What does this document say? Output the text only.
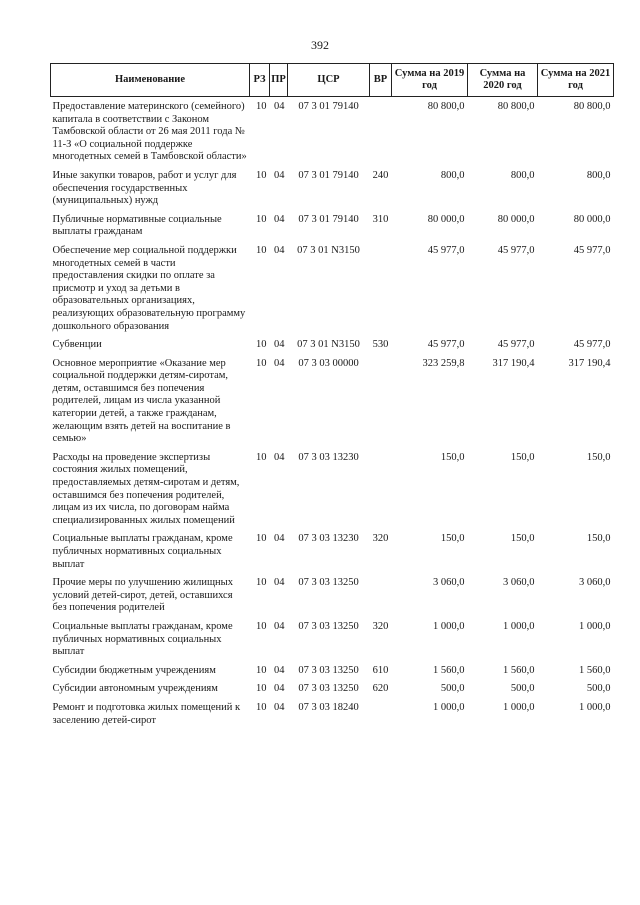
392
Наименование	РЗ	ПР	ЦСР	ВР	Сумма на 2019 год	Сумма на 2020 год	Сумма на 2021 год
Предоставление материнского (семейного) капитала в соответствии с Законом Тамбовской области от 26 мая 2011 года № 11-З «О социальной поддержке многодетных семей в Тамбовской области»	10	04	07 3 01 79140		80 800,0	80 800,0	80 800,0
Иные закупки товаров, работ и услуг для обеспечения государственных (муниципальных) нужд	10	04	07 3 01 79140	240	800,0	800,0	800,0
Публичные нормативные социальные выплаты гражданам	10	04	07 3 01 79140	310	80 000,0	80 000,0	80 000,0
Обеспечение мер социальной поддержки многодетных семей в части предоставления скидки по оплате за присмотр и уход за детьми в образовательных организациях, реализующих образовательную программу дошкольного образования	10	04	07 3 01 N3150		45 977,0	45 977,0	45 977,0
Субвенции	10	04	07 3 01 N3150	530	45 977,0	45 977,0	45 977,0
Основное мероприятие «Оказание мер социальной поддержки детям-сиротам, детям, оставшимся без попечения родителей, лицам из числа указанной категории детей, а также гражданам, желающим взять детей на воспитание в семью»	10	04	07 3 03 00000		323 259,8	317 190,4	317 190,4
Расходы на проведение экспертизы состояния жилых помещений, предоставляемых детям-сиротам и детям, оставшимся без попечения родителей, лицам из их числа, по договорам найма специализированных жилых помещений	10	04	07 3 03 13230		150,0	150,0	150,0
Социальные выплаты гражданам, кроме публичных нормативных социальных выплат	10	04	07 3 03 13230	320	150,0	150,0	150,0
Прочие меры по улучшению жилищных условий детей-сирот, детей, оставшихся без попечения родителей	10	04	07 3 03 13250		3 060,0	3 060,0	3 060,0
Социальные выплаты гражданам, кроме публичных нормативных социальных выплат	10	04	07 3 03 13250	320	1 000,0	1 000,0	1 000,0
Субсидии бюджетным учреждениям	10	04	07 3 03 13250	610	1 560,0	1 560,0	1 560,0
Субсидии автономным учреждениям	10	04	07 3 03 13250	620	500,0	500,0	500,0
Ремонт и подготовка жилых помещений к заселению детей-сирот	10	04	07 3 03 18240		1 000,0	1 000,0	1 000,0
